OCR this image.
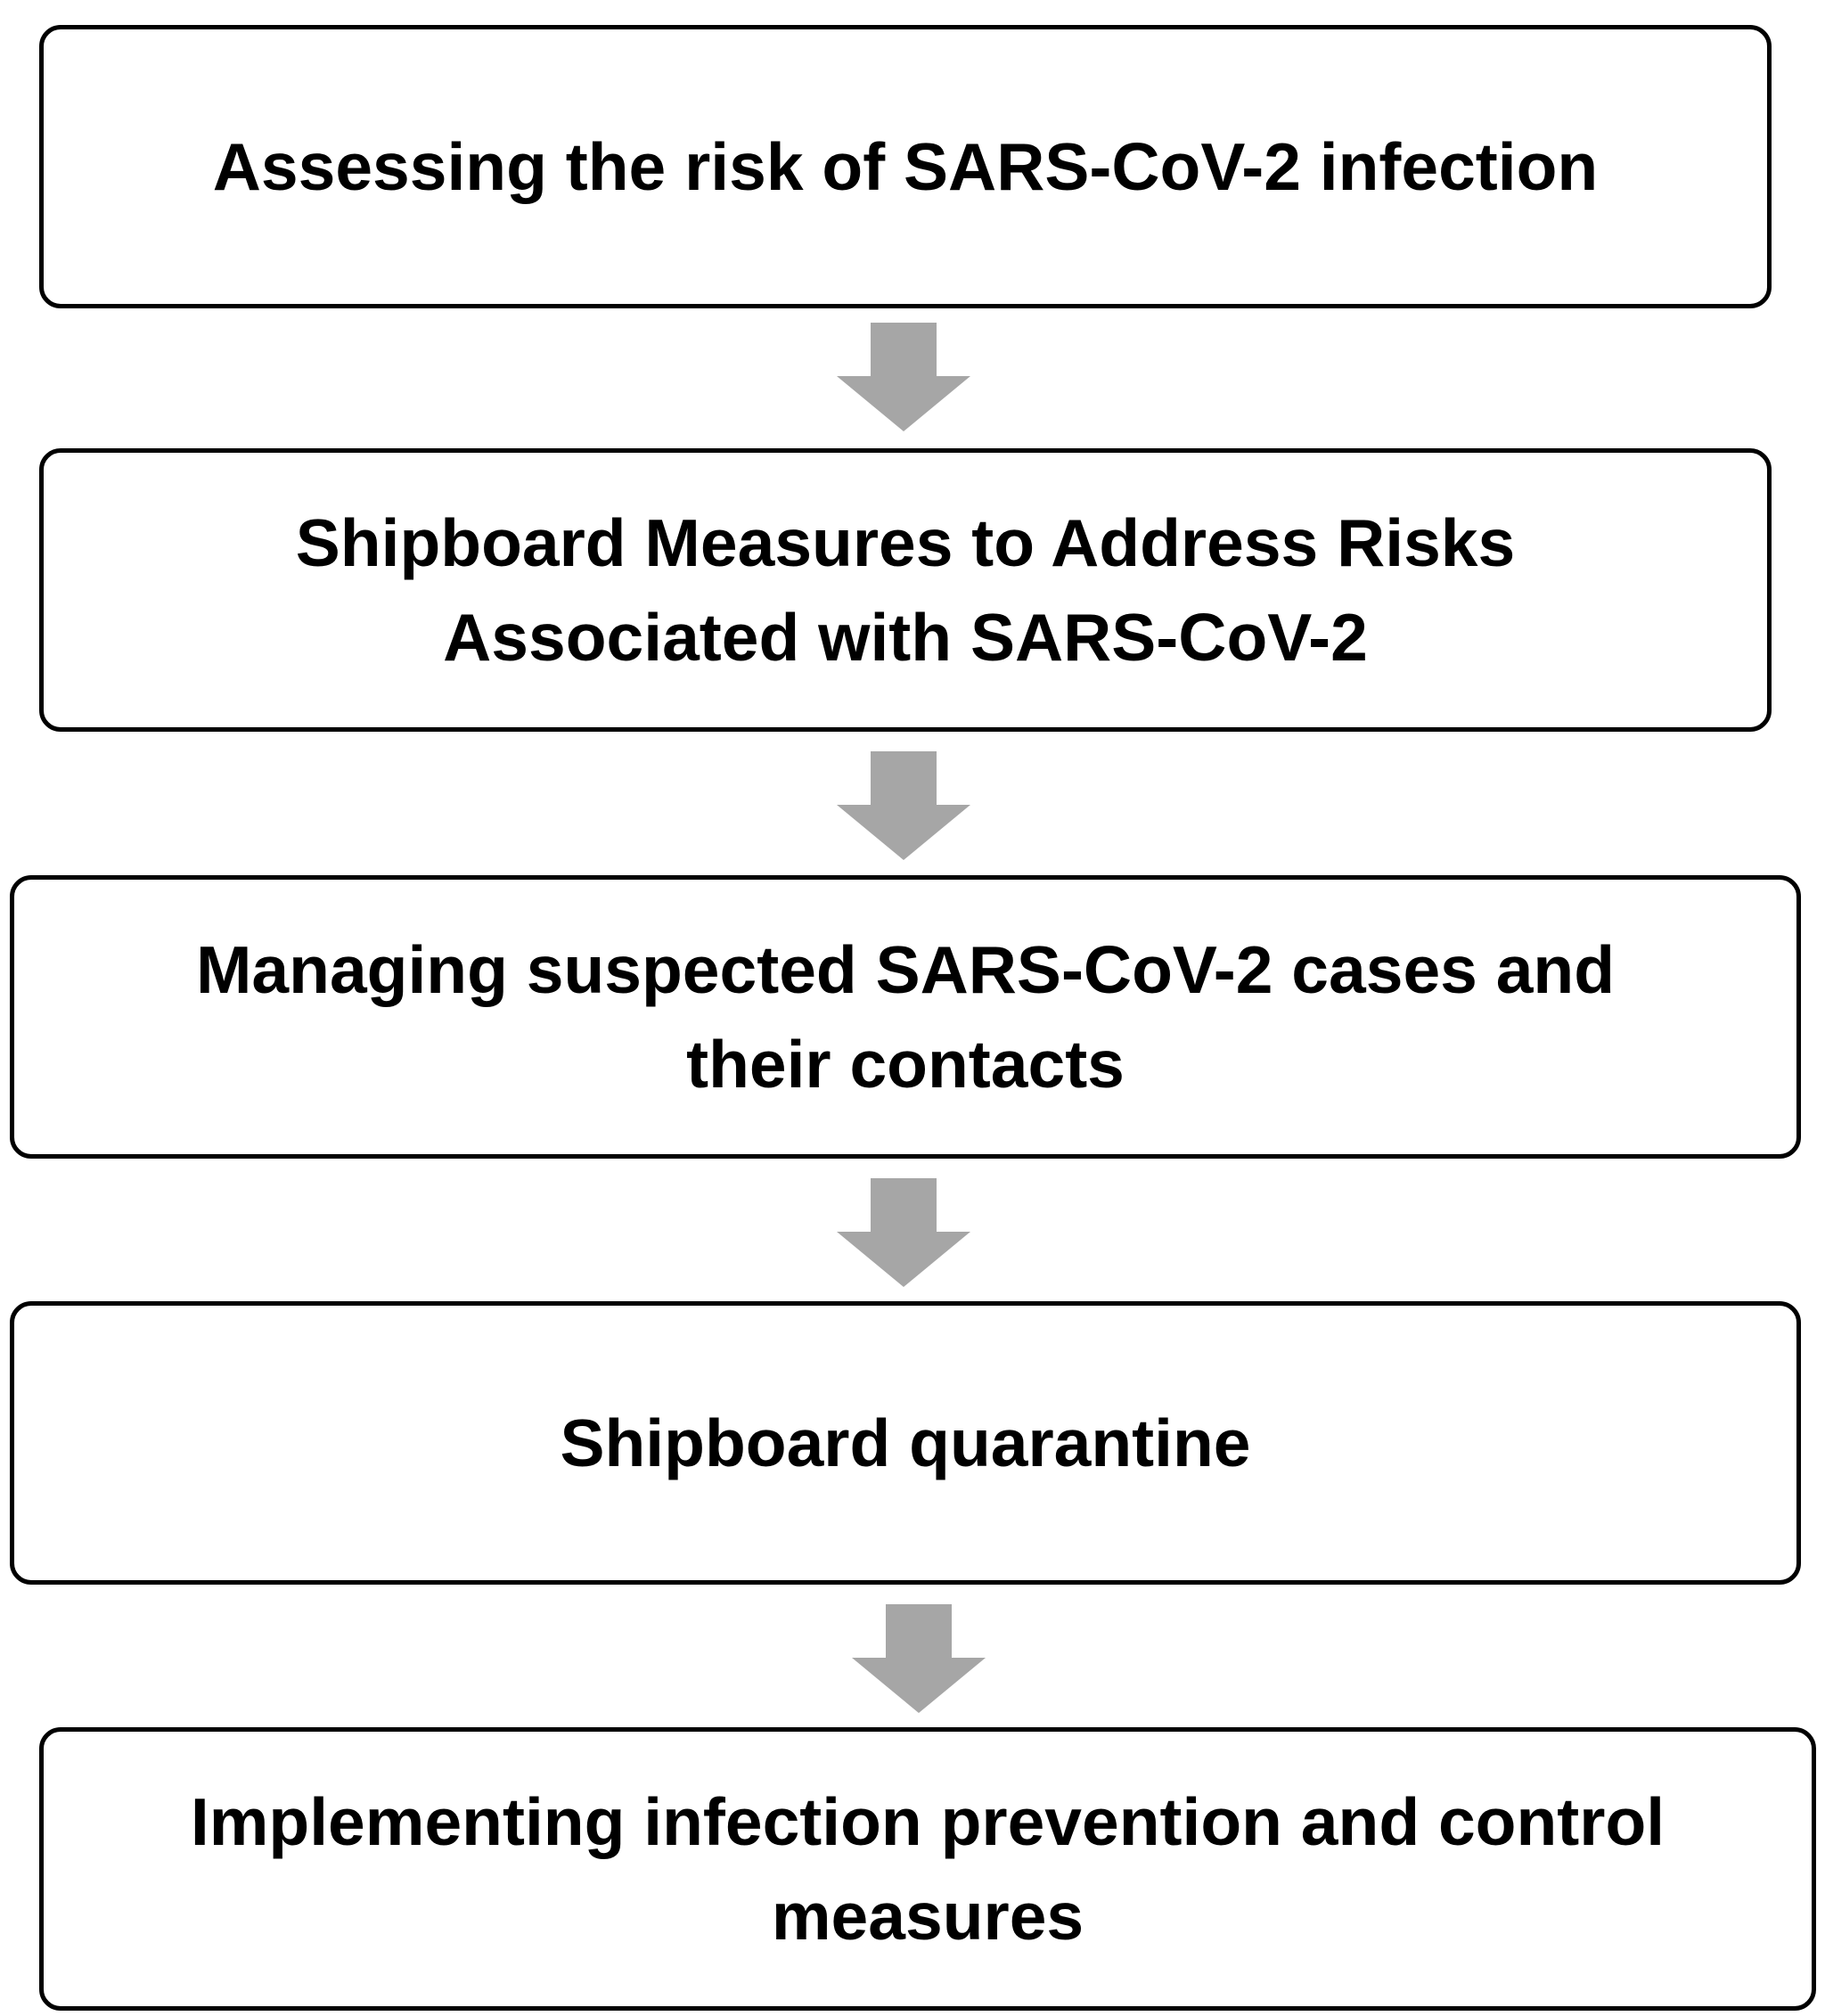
Assessing the risk of SARS-CoV-2 infection
Shipboard Measures to Address Risks
Associated with SARS-CoV-2
Managing suspected SARS-CoV-2 cases and
their contacts
Shipboard quarantine
Implementing infection prevention and control
measures
